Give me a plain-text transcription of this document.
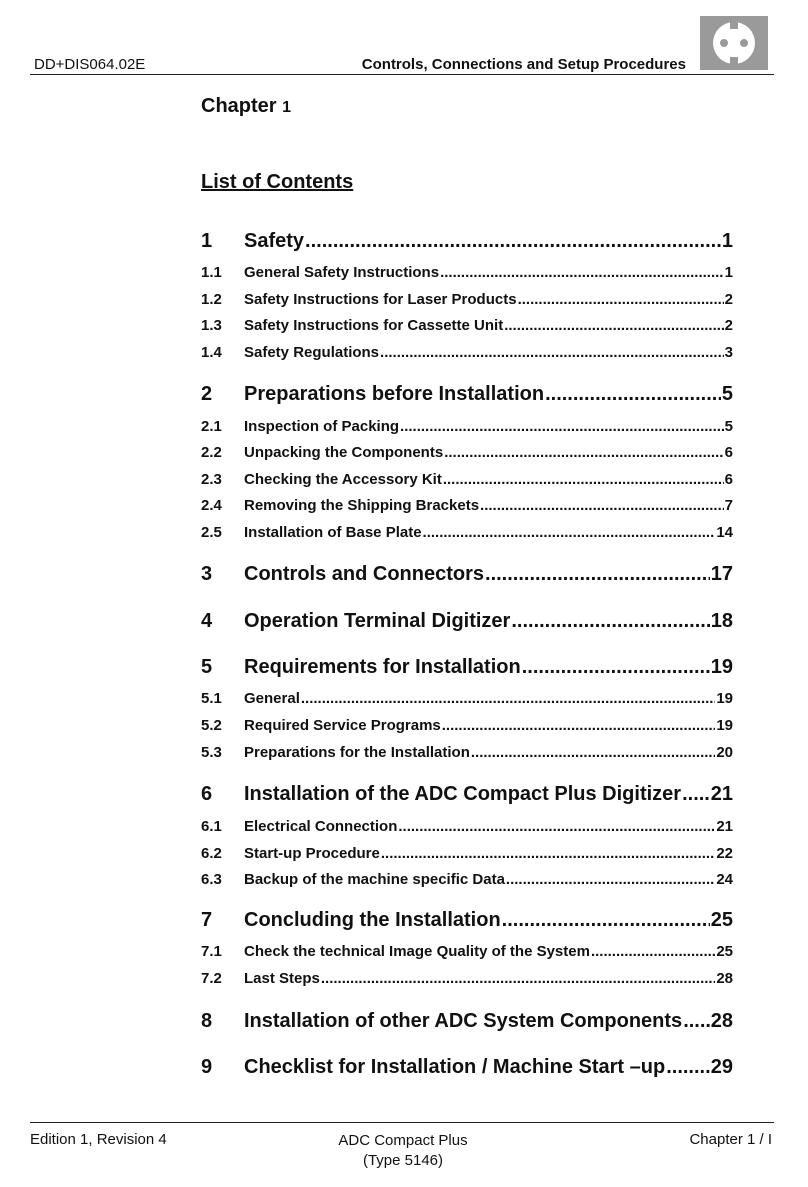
DD+DIS064.02E	Controls, Connections and Setup Procedures
Chapter 1
List of Contents
1	Safety .....	1
1.1	General Safety Instructions .....	1
1.2	Safety Instructions for Laser Products .....	2
1.3	Safety Instructions for Cassette Unit .....	2
1.4	Safety Regulations .....	3
2	Preparations before Installation .....	5
2.1	Inspection of Packing .....	5
2.2	Unpacking the Components .....	6
2.3	Checking the Accessory Kit .....	6
2.4	Removing the Shipping Brackets .....	7
2.5	Installation of Base Plate .....	14
3	Controls and Connectors .....	17
4	Operation Terminal Digitizer .....	18
5	Requirements for Installation .....	19
5.1	General .....	19
5.2	Required Service Programs .....	19
5.3	Preparations for the Installation .....	20
6	Installation of the ADC Compact Plus Digitizer ..... 21
6.1	Electrical Connection .....	21
6.2	Start-up Procedure .....	22
6.3	Backup of the machine specific Data .....	24
7	Concluding the Installation .....	25
7.1	Check the technical Image Quality of the System .....	25
7.2	Last Steps .....	28
8	Installation of other ADC System Components ..... 28
9	Checklist for Installation / Machine Start –up ..... 29
Edition 1, Revision 4	ADC Compact Plus
(Type 5146)
Chapter 1 / I
